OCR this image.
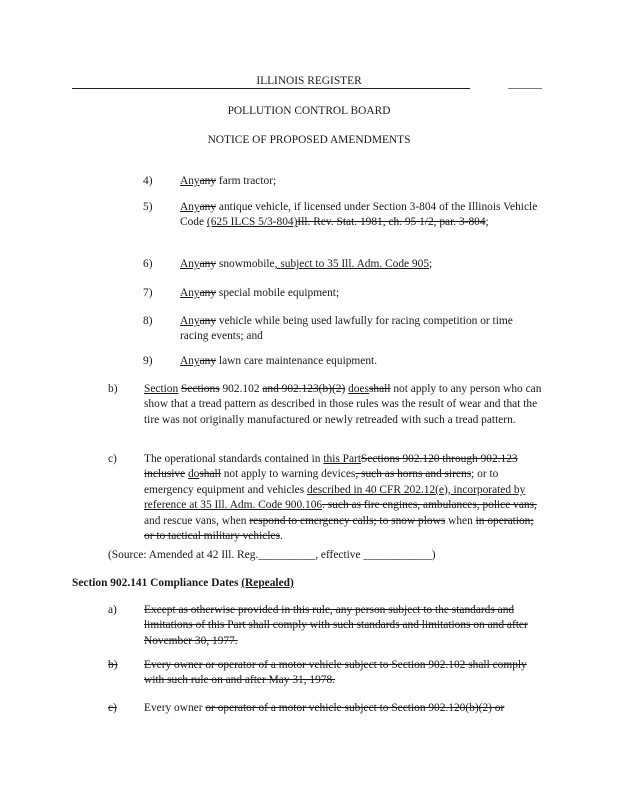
ILLINOIS REGISTER
POLLUTION CONTROL BOARD
NOTICE OF PROPOSED AMENDMENTS
4) Anyany farm tractor;
5) Anyany antique vehicle, if licensed under Section 3-804 of the Illinois Vehicle Code (625 ILCS 5/3-804)Ill. Rev. Stat. 1981, ch. 95 1/2, par. 3-804;
6) Anyany snowmobile, subject to 35 Ill. Adm. Code 905;
7) Anyany special mobile equipment;
8) Anyany vehicle while being used lawfully for racing competition or time racing events; and
9) Anyany lawn care maintenance equipment.
b) Section Sections 902.102 and 902.123(b)(2) doesshall not apply to any person who can show that a tread pattern as described in those rules was the result of wear and that the tire was not originally manufactured or newly retreaded with such a tread pattern.
c) The operational standards contained in this PartSections 902.120 through 902.123 inclusive doshall not apply to warning devices, such as horns and sirens; or to emergency equipment and vehicles described in 40 CFR 202.12(e), incorporated by reference at 35 Ill. Adm. Code 900.106. such as fire engines, ambulances, police vans, and rescue vans, when respond to emergency calls; to snow plows when in operation; or to tactical military vehicles.
(Source: Amended at 42 Ill. Reg.__________, effective ____________)
Section 902.141 Compliance Dates (Repealed)
a) Except as otherwise provided in this rule, any person subject to the standards and limitations of this Part shall comply with such standards and limitations on and after November 30, 1977.
b) Every owner or operator of a motor vehicle subject to Section 902.102 shall comply with such rule on and after May 31, 1978.
c) Every owner or operator of a motor vehicle subject to Section 902.120(b)(2) or
